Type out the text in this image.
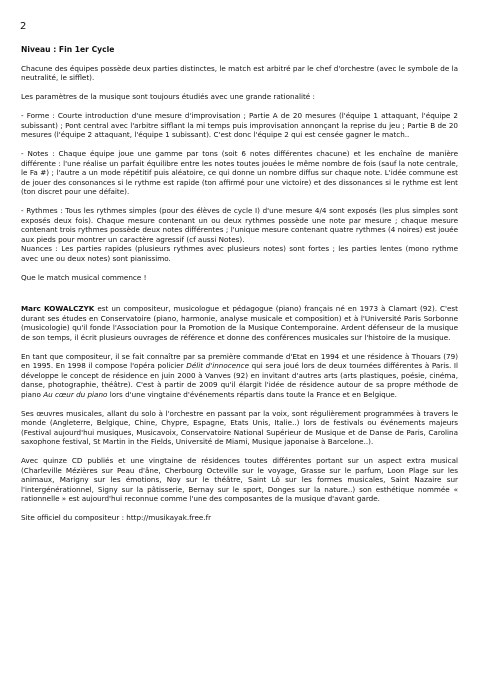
2

Niveau : Fin 1er Cycle

Chacune des équipes possède deux parties distinctes, le match est arbitré par le chef d'orchestre (avec le symbole de la neutralité, le sifflet).

Les paramètres de la musique sont toujours étudiés avec une grande rationalité :

- Forme : Courte introduction d'une mesure d'improvisation ; Partie A de 20 mesures (l'équipe 1 attaquant, l'équipe 2 subissant) ; Pont central avec l'arbitre sifflant la mi temps puis improvisation annonçant la reprise du jeu ; Partie B de 20 mesures (l'équipe 2 attaquant, l'équipe 1 subissant). C'est donc l'équipe 2 qui est censée gagner le match..

- Notes : Chaque équipe joue une gamme par tons (soit 6 notes différentes chacune) et les enchaîne de manière différente : l'une réalise un parfait équilibre entre les notes toutes jouées le même nombre de fois (sauf la note centrale, le Fa #) ; l'autre a un mode répétitif puis aléatoire, ce qui donne un nombre diffus sur chaque note. L'idée commune est de jouer des consonances si le rythme est rapide (ton affirmé pour une victoire) et des dissonances si le rythme est lent (ton discret pour une défaite).

- Rythmes : Tous les rythmes simples (pour des élèves de cycle I) d'une mesure 4/4 sont exposés (les plus simples sont exposés deux fois). Chaque mesure contenant un ou deux rythmes possède une note par mesure ; chaque mesure contenant trois rythmes possède deux notes différentes ; l'unique mesure contenant quatre rythmes (4 noires) est jouée aux pieds pour montrer un caractère agressif (cf aussi Notes).

Nuances : Les parties rapides (plusieurs rythmes avec plusieurs notes) sont fortes ; les parties lentes (mono rythme avec une ou deux notes) sont pianissimo.

Que le match musical commence !

Marc KOWALCZYK est un compositeur, musicologue et pédagogue (piano) français né en 1973 à Clamart (92). C'est durant ses études en Conservatoire (piano, harmonie, analyse musicale et composition) et à l'Université Paris Sorbonne (musicologie) qu'il fonde l'Association pour la Promotion de la Musique Contemporaine. Ardent défenseur de la musique de son temps, il écrit plusieurs ouvrages de référence et donne des conférences musicales sur l'histoire de la musique.

En tant que compositeur, il se fait connaître par sa première commande d'Etat en 1994 et une résidence à Thouars (79) en 1995. En 1998 il compose l'opéra policier Délit d'innocence qui sera joué lors de deux tournées différentes à Paris. Il développe le concept de résidence en juin 2000 à Vanves (92) en invitant d'autres arts (arts plastiques, poésie, cinéma, danse, photographie, théâtre). C'est à partir de 2009 qu'il élargit l'idée de résidence autour de sa propre méthode de piano Au cœur du piano lors d'une vingtaine d'événements répartis dans toute la France et en Belgique.

Ses œuvres musicales, allant du solo à l'orchestre en passant par la voix, sont régulièrement programmées à travers le monde (Angleterre, Belgique, Chine, Chypre, Espagne, Etats Unis, Italie..) lors de festivals ou événements majeurs (Festival aujourd'hui musiques, Musicavoix, Conservatoire National Supérieur de Musique et de Danse de Paris, Carolina saxophone festival, St Martin in the Fields, Université de Miami, Musique japonaise à Barcelone..).

Avec quinze CD publiés et une vingtaine de résidences toutes différentes portant sur un aspect extra musical (Charleville Mézières sur Peau d'âne, Cherbourg Octeville sur le voyage, Grasse sur le parfum, Loon Plage sur les animaux, Marigny sur les émotions, Noy sur le théâtre, Saint Lô sur les formes musicales, Saint Nazaire sur l'intergénérationnel, Signy sur la pâtisserie, Bernay sur le sport, Donges sur la nature..) son esthétique nommée « rationnelle » est aujourd'hui reconnue comme l'une des composantes de la musique d'avant garde.

Site officiel du compositeur : http://musikayak.free.fr
